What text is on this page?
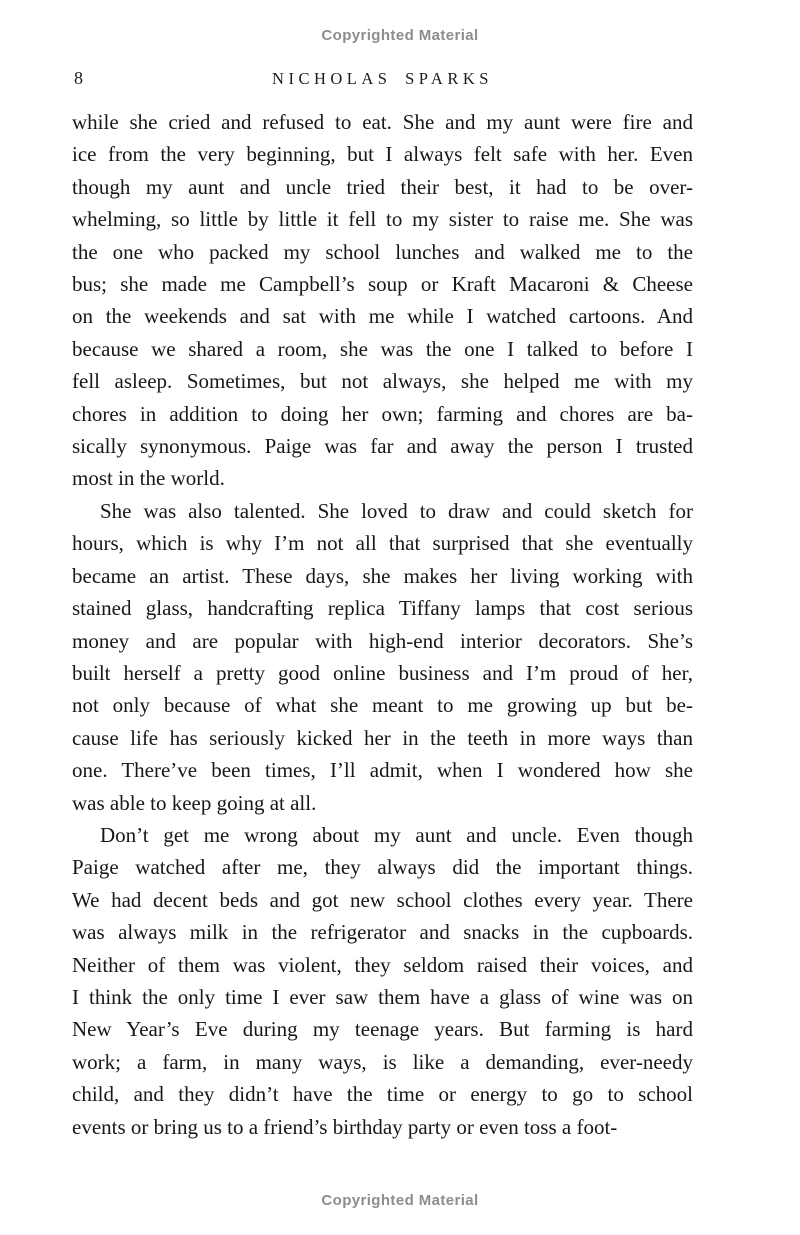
Copyrighted Material
8	NICHOLAS SPARKS
while she cried and refused to eat. She and my aunt were fire and
ice from the very beginning, but I always felt safe with her. Even
though my aunt and uncle tried their best, it had to be over-
whelming, so little by little it fell to my sister to raise me. She was
the one who packed my school lunches and walked me to the
bus; she made me Campbell’s soup or Kraft Macaroni & Cheese
on the weekends and sat with me while I watched cartoons. And
because we shared a room, she was the one I talked to before I
fell asleep. Sometimes, but not always, she helped me with my
chores in addition to doing her own; farming and chores are ba-
sically synonymous. Paige was far and away the person I trusted
most in the world.
She was also talented. She loved to draw and could sketch for
hours, which is why I’m not all that surprised that she eventually
became an artist. These days, she makes her living working with
stained glass, handcrafting replica Tiffany lamps that cost serious
money and are popular with high-end interior decorators. She’s
built herself a pretty good online business and I’m proud of her,
not only because of what she meant to me growing up but be-
cause life has seriously kicked her in the teeth in more ways than
one. There’ve been times, I’ll admit, when I wondered how she
was able to keep going at all.
Don’t get me wrong about my aunt and uncle. Even though
Paige watched after me, they always did the important things.
We had decent beds and got new school clothes every year. There
was always milk in the refrigerator and snacks in the cupboards.
Neither of them was violent, they seldom raised their voices, and
I think the only time I ever saw them have a glass of wine was on
New Year’s Eve during my teenage years. But farming is hard
work; a farm, in many ways, is like a demanding, ever-needy
child, and they didn’t have the time or energy to go to school
events or bring us to a friend’s birthday party or even toss a foot-
Copyrighted Material
